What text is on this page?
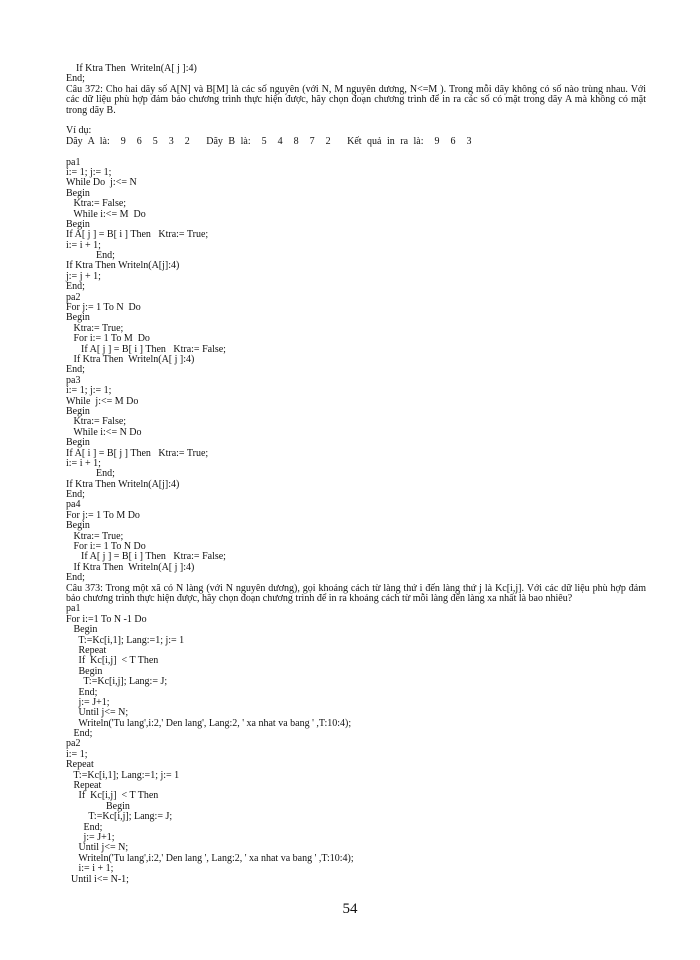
If Ktra Then  Writeln(A[ j ]:4)
End;
Câu 372: Cho hai dãy số A[N] và B[M] là các số nguyên (với N, M nguyên dương, N<=M ). Trong mỗi dãy không có số nào trùng nhau. Với các dữ liệu phù hợp đảm bảo chương trình thực hiện được, hãy chọn đoạn chương trình để in ra các số có mặt trong dãy A mà không có mặt trong dãy B.
Ví dụ:
Dãy A là:  9  6  5  3  2   Dãy B là:  5  4  8  7  2   Kết quả in ra là:  9  6  3
pa1
i:= 1; j:= 1;
While Do  j:<= N
Begin
Ktra:= False;
While i:<= M  Do
Begin
If A[ j ] = B[ i ] Then   Ktra:= True;
i:= i + 1;
End;
If Ktra Then Writeln(A[j]:4)
j:= j + 1;
End;
pa2
For j:= 1 To N  Do
Begin
Ktra:= True;
For i:= 1 To M  Do
If A[ j ] = B[ i ] Then   Ktra:= False;
If Ktra Then  Writeln(A[ j ]:4)
End;
pa3
i:= 1; j:= 1;
While  j:<= M Do
Begin
Ktra:= False;
While i:<= N Do
Begin
If A[ i ] = B[ j ] Then   Ktra:= True;
i:= i + 1;
End;
If Ktra Then Writeln(A[j]:4)
End;
pa4
For j:= 1 To M Do
Begin
Ktra:= True;
For i:= 1 To N Do
If A[ j ] = B[ i ] Then   Ktra:= False;
If Ktra Then  Writeln(A[ j ]:4)
End;
Câu 373: Trong một xã có N làng (với N nguyên dương), gọi khoảng cách từ làng thứ i đến làng thứ j là Kc[i,j]. Với các dữ liệu phù hợp đảm bảo chương trình thực hiện được, hãy chọn đoạn chương trình để in ra khoảng cách từ mỗi làng đến làng xa nhất là bao nhiêu?
pa1
For i:=1 To N -1 Do
Begin
T:=Kc[i,1]; Lang:=1; j:= 1
Repeat
If  Kc[i,j]  < T Then
Begin
T:=Kc[i,j]; Lang:= J;
End;
j:= J+1;
Until j<= N;
Writeln('Tu lang',i:2,' Den lang', Lang:2, ' xa nhat va bang ' ,T:10:4);
End;
pa2
i:= 1;
Repeat
T:=Kc[i,1]; Lang:=1; j:= 1
Repeat
If  Kc[i,j]  < T Then
Begin
T:=Kc[i,j]; Lang:= J;
End;
j:= J+1;
Until j<= N;
Writeln('Tu lang',i:2,' Den lang ', Lang:2, ' xa nhat va bang ' ,T:10:4);
i:= i + 1;
Until i<= N-1;
54
